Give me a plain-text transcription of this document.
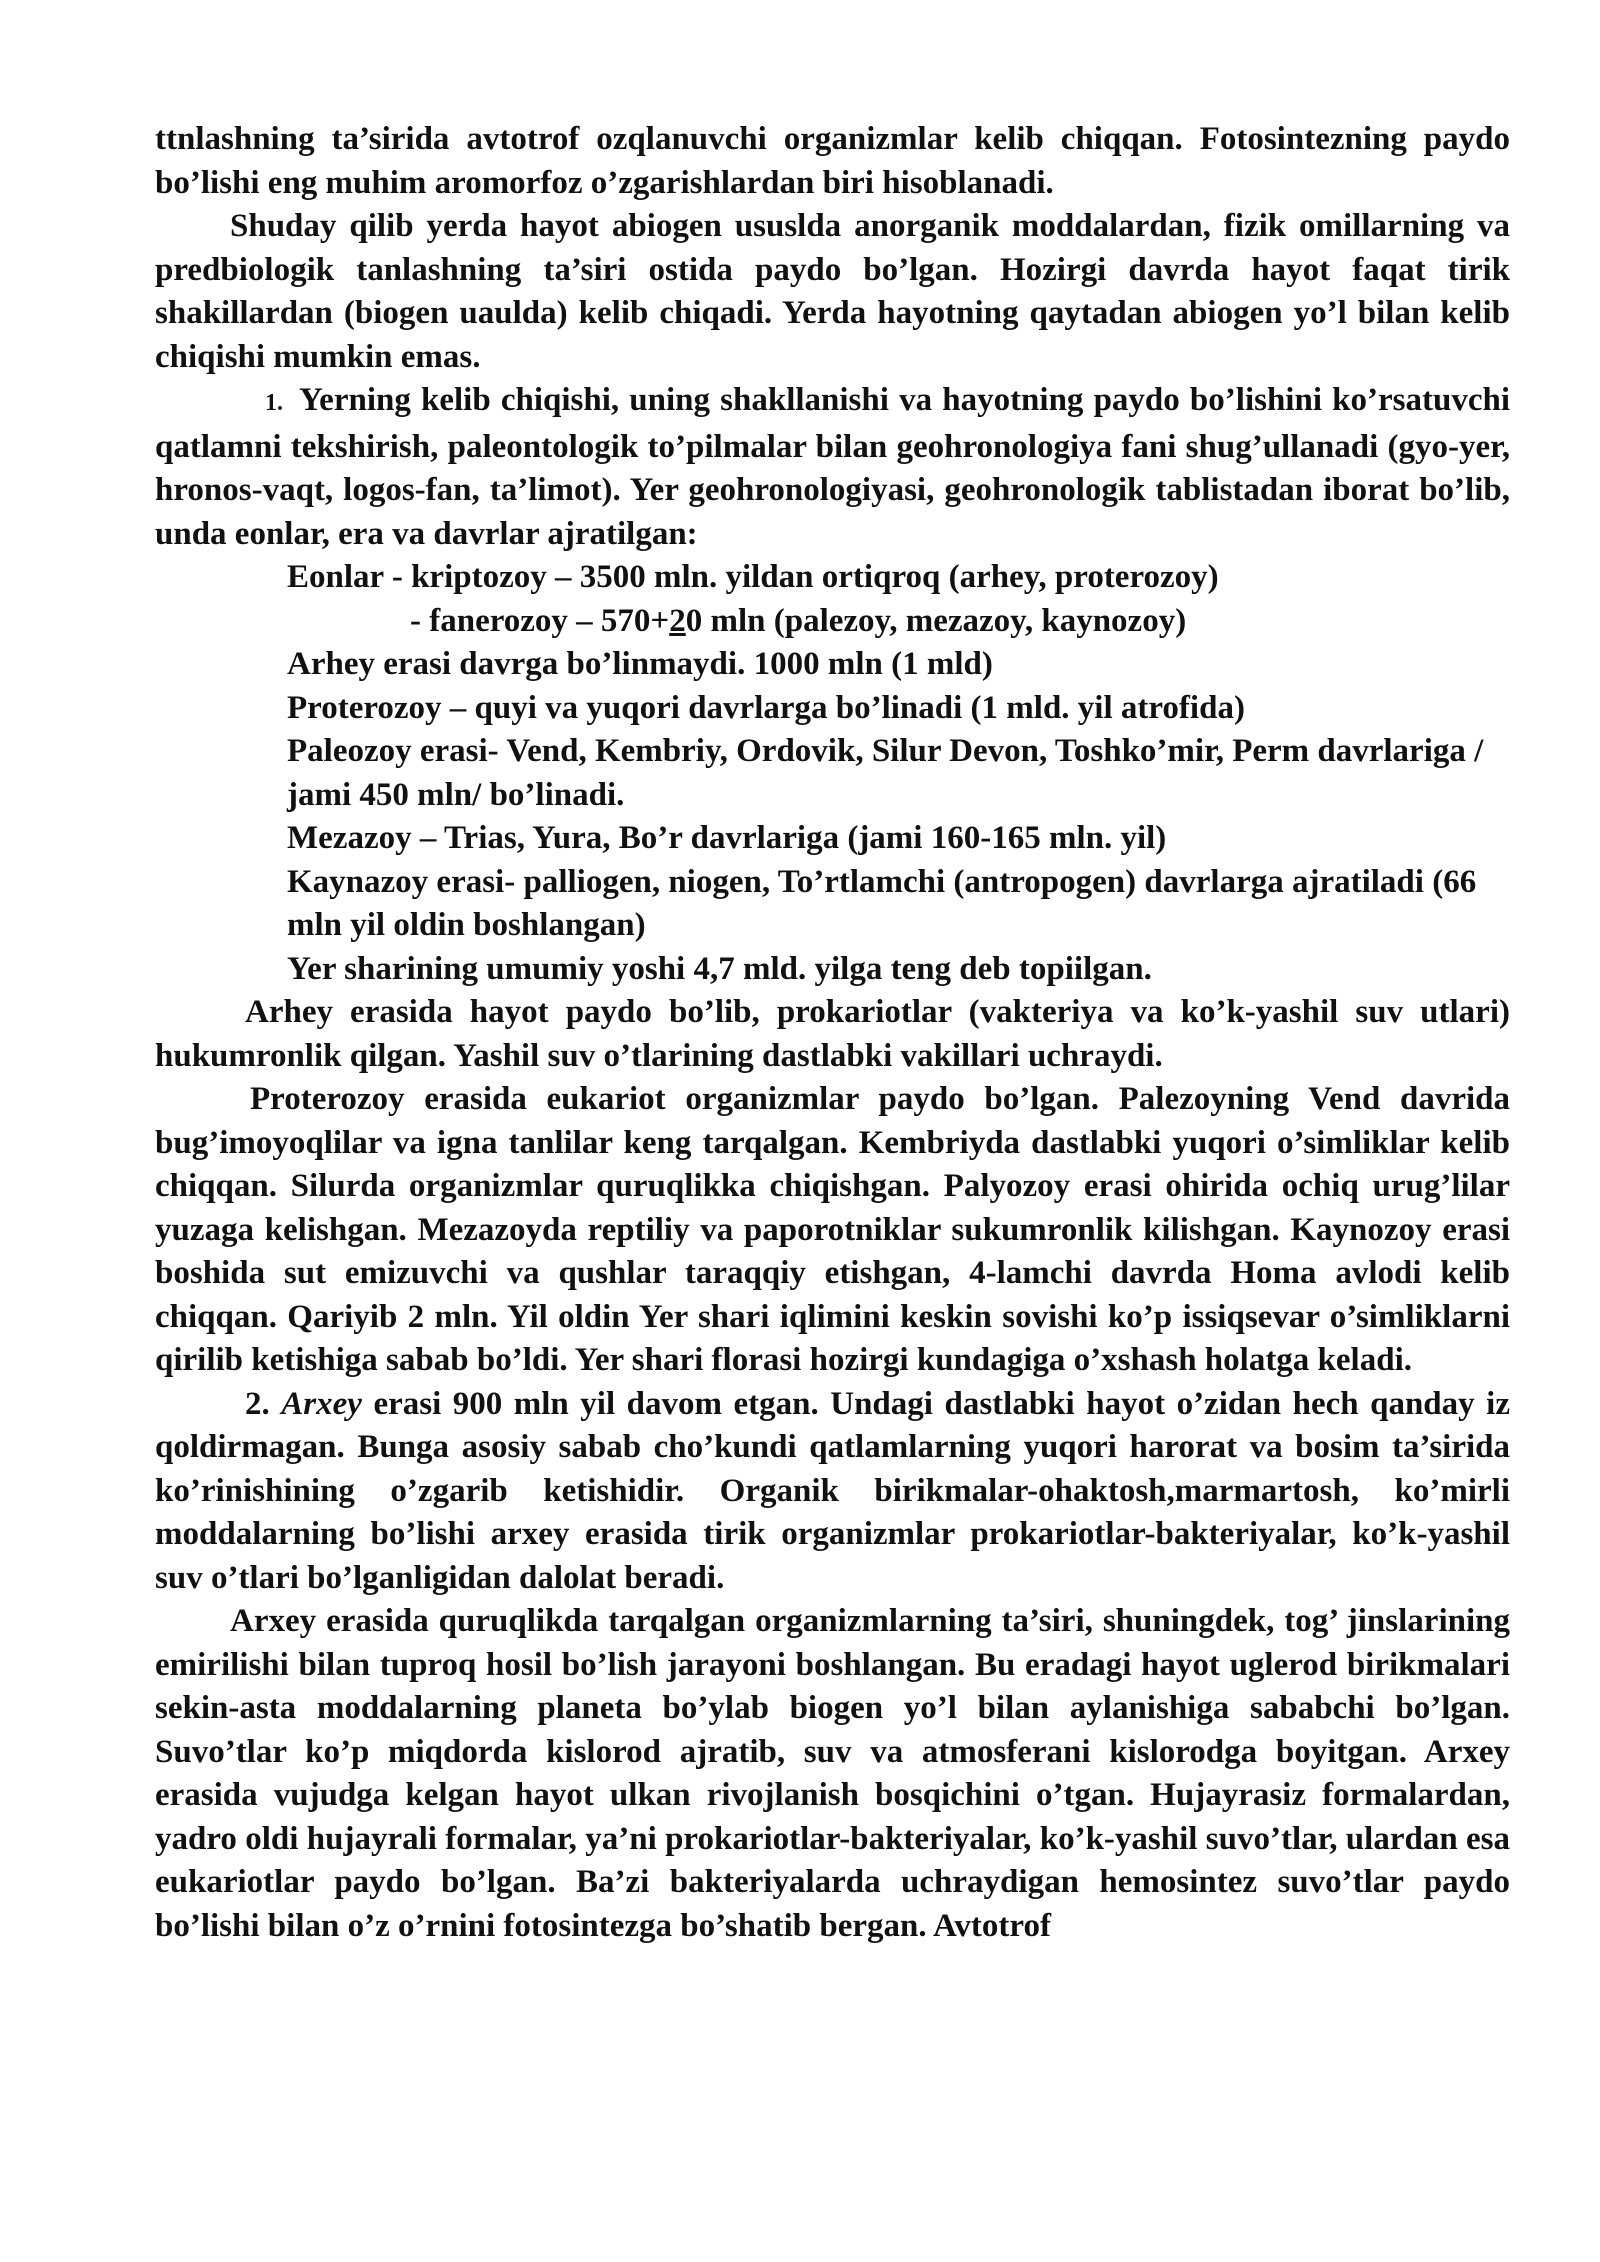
ttnlashning ta’sirida avtotrof ozqlanuvchi organizmlar kelib chiqqan. Fotosintezning paydo bo’lishi eng muhim aromorfoz o’zgarishlardan biri hisoblanadi.

Shuday qilib yerda hayot abiogen ususlda anorganik moddalardan, fizik omillarning va predbiologik tanlashning ta’siri ostida paydo bo’lgan. Hozirgi davrda hayot faqat tirik shakillardan (biogen uaulda) kelib chiqadi. Yerda hayotning qaytadan abiogen yo’l bilan kelib chiqishi mumkin emas.

1. Yerning kelib chiqishi, uning shakllanishi va hayotning paydo bo’lishini ko’rsatuvchi qatlamni tekshirish, paleontologik to’pilmalar bilan geohronologiya fani shug’ullanadi (gyo-yer, hronos-vaqt, logos-fan, ta’limot). Yer geohronologiyasi, geohronologik tablistadan iborat bo’lib, unda eonlar, era va davrlar ajratilgan:

Eonlar - kriptozoy – 3500 mln. yildan ortiqroq (arhey, proterozoy)

- fanerozoy – 570+20 mln (palezoy, mezazoy, kaynozoy)

Arhey erasi davrga bo’linmaydi. 1000 mln (1 mld)

Proterozoy – quyi va yuqori davrlarga bo’linadi (1 mld. yil atrofida)

Paleozoy erasi- Vend, Kembriy, Ordovik, Silur Devon, Toshko’mir, Perm davrlariga / jami 450 mln/ bo’linadi.

Mezazoy – Trias, Yura, Bo’r davrlariga (jami 160-165 mln. yil)

Kaynazoy erasi- palliogen, niogen, To’rtlamchi (antropogen) davrlarga ajratiladi (66 mln yil oldin boshlangan)

Yer sharining umumiy yoshi 4,7 mld. yilga teng deb topiilgan.

Arhey erasida hayot paydo bo’lib, prokariotlar (vakteriya va ko’k-yashil suv utlari) hukumronlik qilgan. Yashil suv o’tlarining dastlabki vakillari uchraydi.

Proterozoy erasida eukariot organizmlar paydo bo’lgan. Palezoyning Vend davrida bug’imoyoqlilar va igna tanlilar keng tarqalgan. Kembriyda dastlabki yuqori o’simliklar kelib chiqqan. Silurda organizmlar quruqlikka chiqishgan. Palyozoy erasi ohirida ochiq urug’lilar yuzaga kelishgan. Mezazoyda reptiliy va paporotniklar sukumronlik kilishgan. Kaynozoy erasi boshida sut emizuvchi va qushlar taraqqiy etishgan, 4-lamchi davrda Homa avlodi kelib chiqqan. Qariyib 2 mln. Yil oldin Yer shari iqlimini keskin sovishi ko’p issiqsevar o’simliklarni qirilib ketishiga sabab bo’ldi. Yer shari florasi hozirgi kundagiga o’xshash holatga keladi.

2. Arxey erasi 900 mln yil davom etgan. Undagi dastlabki hayot o’zidan hech qanday iz qoldirmagan. Bunga asosiy sabab cho’kundi qatlamlarning yuqori harorat va bosim ta’sirida ko’rinishining o’zgarib ketishidir. Organik birikmalar-ohaktosh,marmartosh, ko’mirli moddalarning bo’lishi arxey erasida tirik organizmlar prokariotlar-bakteriyalar, ko’k-yashil suv o’tlari bo’lganligidan dalolat beradi.

Arxey erasida quruqlikda tarqalgan organizmlarning ta’siri, shuningdek, tog’ jinslarining emirilishi bilan tuproq hosil bo’lish jarayoni boshlangan. Bu eradagi hayot uglerod birikmalari sekin-asta moddalarning planeta bo’ylab biogen yo’l bilan aylanishiga sababchi bo’lgan. Suvo’tlar ko’p miqdorda kislorod ajratib, suv va atmosferani kislorodga boyitgan. Arxey erasida vujudga kelgan hayot ulkan rivojlanish bosqichini o’tgan. Hujayrasiz formalardan, yadro oldi hujayrali formalar, ya’ni prokariotlar-bakteriyalar, ko’k-yashil suvo’tlar, ulardan esa eukariotlar paydo bo’lgan. Ba’zi bakteriyalarda uchraydigan hemosintez suvo’tlar paydo bo’lishi bilan o’z o’rnini fotosintezga bo’shatib bergan. Avtotrof
